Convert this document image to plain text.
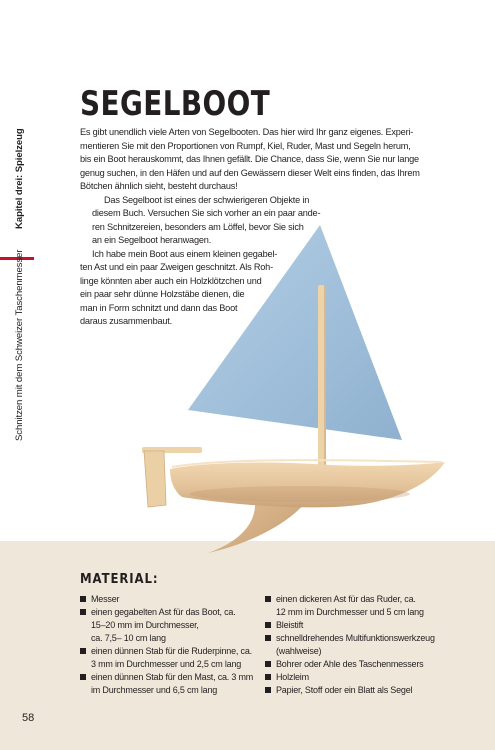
Schnitzen mit dem Schweizer Taschenmesser Kapitel drei: Spielzeug
SEGELBOOT

Es gibt unendlich viele Arten von Segelbooten. Das hier wird Ihr ganz eigenes. Experi-
mentieren Sie mit den Proportionen von Rumpf, Kiel, Ruder, Mast und Segeln herum,
bis ein Boot herauskommt, das Ihnen gefällt. Die Chance, dass Sie, wenn Sie nur lange
genug suchen, in den Häfen und auf den Gewässern dieser Welt eins finden, das Ihrem
Bötchen ähnlich sieht, besteht durchaus!

Das Segelboot ist eines der schwierigeren Objekte in
diesem Buch. Versuchen Sie sich vorher an ein paar ande-
ren Schnitzereien, besonders am Löffel, bevor Sie sich
an ein Segelboot heranwagen.

Ich habe mein Boot aus einem kleinen gegabel-
ten Ast und ein paar Zweigen geschnitzt. Als Roh-
linge könnten aber auch ein Holzklötzchen und
ein paar sehr dünne Holzstäbe dienen, die
man in Form schnitzt und dann das Boot
daraus zusammenbaut.

MATERIAL:
Messer
einen gegabelten Ast für das Boot, ca.
15–20 mm im Durchmesser,
ca. 7,5– 10 cm lang
einen dünnen Stab für die Ruderpinne, ca.
3 mm im Durchmesser und 2,5 cm lang
einen dünnen Stab für den Mast, ca. 3 mm
im Durchmesser und 6,5 cm lang
einen dickeren Ast für das Ruder, ca.
12 mm im Durchmesser und 5 cm lang
Bleistift
schnelldrehendes Multifunktionswerkzeug
(wahlweise)
Bohrer oder Ahle des Taschenmessers
Holzleim
Papier, Stoff oder ein Blatt als Segel
58
